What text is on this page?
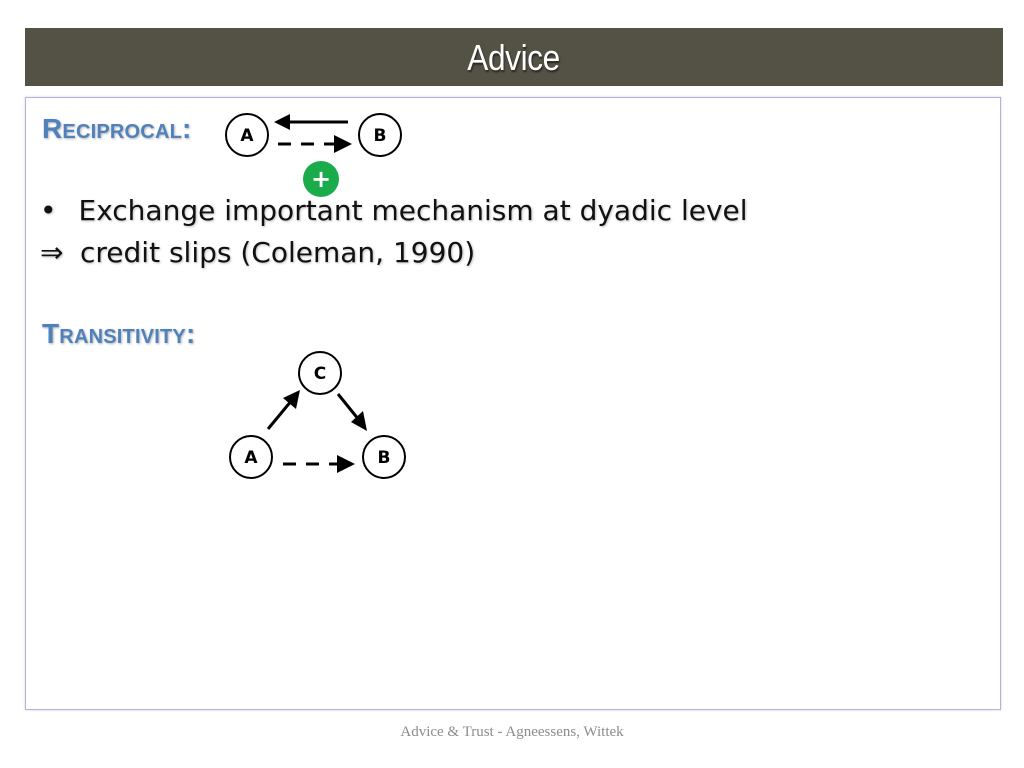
Advice
Reciprocal:	A	B
+
• Exchange important mechanism at dyadic level
⇒ credit slips (Coleman, 1990)
Transitivity:
C
A	B
Advice & Trust - Agneessens, Wittek
